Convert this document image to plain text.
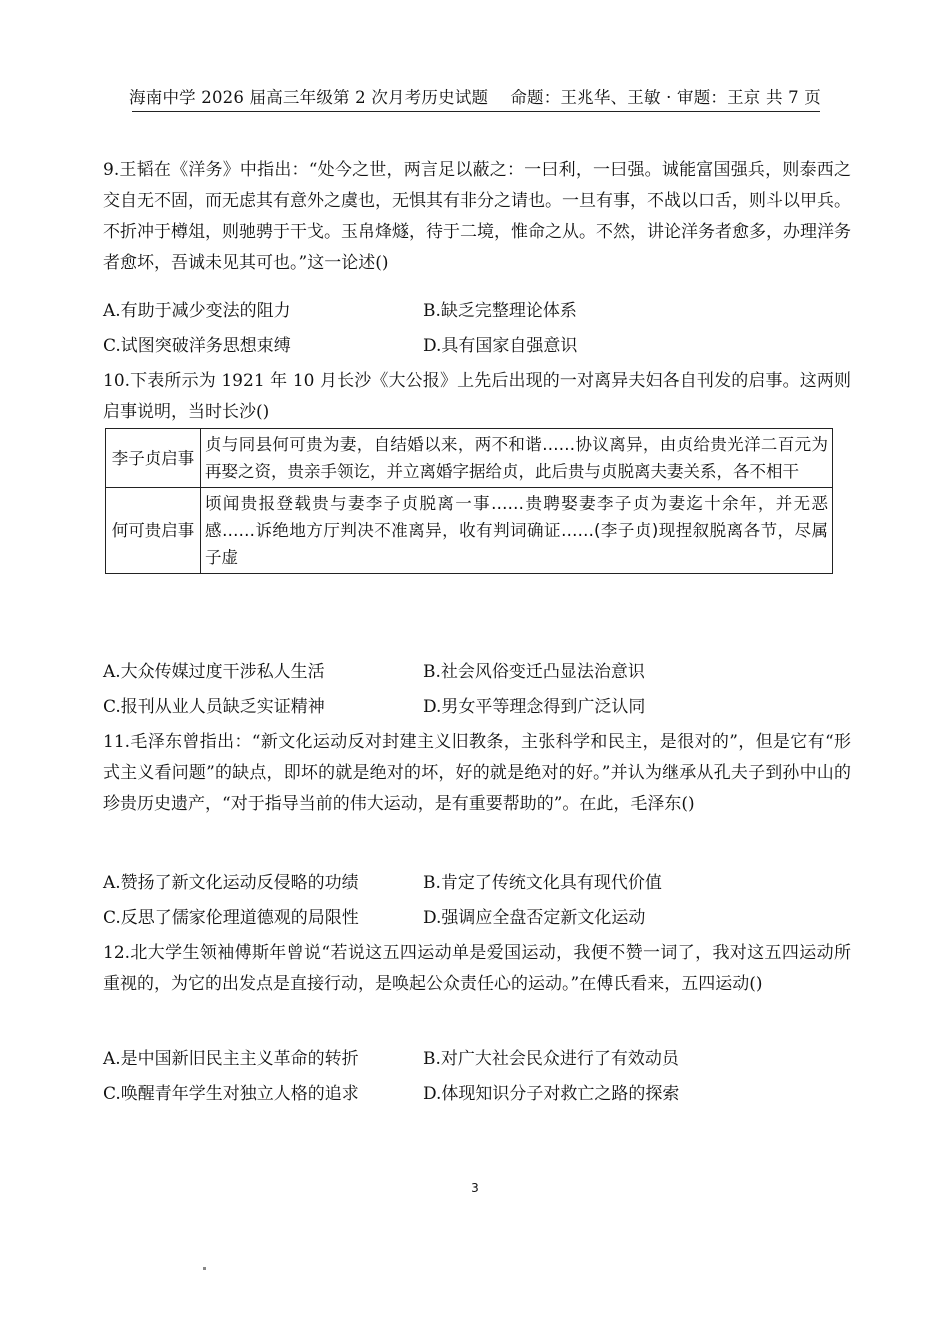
海南中学 2026 届高三年级第 2 次月考历史试题　 命题：王兆华、王敏 · 审题：王京 共 7 页

9.王韬在《洋务》中指出：“处今之世，两言足以蔽之：一曰利，一曰强。诚能富国强兵，则泰西之交自无不固，而无虑其有意外之虞也，无惧其有非分之请也。一旦有事，不战以口舌，则斗以甲兵。不折冲于樽俎，则驰骋于干戈。玉帛烽燧，待于二境，惟命之从。不然，讲论洋务者愈多，办理洋务者愈坏，吾诚未见其可也。”这一论述()

A.有助于减少变法的阻力	B.缺乏完整理论体系
C.试图突破洋务思想束缚	D.具有国家自强意识

10.下表所示为 1921 年 10 月长沙《大公报》上先后出现的一对离异夫妇各自刊发的启事。这两则启事说明，当时长沙()

李子贞启事	贞与同县何可贵为妻，自结婚以来，两不和谐……协议离异，由贞给贵光洋二百元为再娶之资，贵亲手领讫，并立离婚字据给贞，此后贵与贞脱离夫妻关系，各不相干
何可贵启事	顷闻贵报登载贵与妻李子贞脱离一事……贵聘娶妻李子贞为妻迄十余年，并无恶感……诉绝地方厅判决不准离异，收有判词确证……(李子贞)现捏叙脱离各节，尽属子虚
A.大众传媒过度干涉私人生活	B.社会风俗变迁凸显法治意识
C.报刊从业人员缺乏实证精神	D.男女平等理念得到广泛认同

11.毛泽东曾指出：“新文化运动反对封建主义旧教条，主张科学和民主，是很对的”，但是它有“形式主义看问题”的缺点，即坏的就是绝对的坏，好的就是绝对的好。”并认为继承从孔夫子到孙中山的珍贵历史遗产，“对于指导当前的伟大运动，是有重要帮助的”。在此，毛泽东()

A.赞扬了新文化运动反侵略的功绩	B.肯定了传统文化具有现代价值
C.反思了儒家伦理道德观的局限性	D.强调应全盘否定新文化运动

12.北大学生领袖傅斯年曾说“若说这五四运动单是爱国运动，我便不赞一词了，我对这五四运动所重视的，为它的出发点是直接行动，是唤起公众责任心的运动。”在傅氏看来，五四运动()

A.是中国新旧民主主义革命的转折	B.对广大社会民众进行了有效动员
C.唤醒青年学生对独立人格的追求	D.体现知识分子对救亡之路的探索
3
